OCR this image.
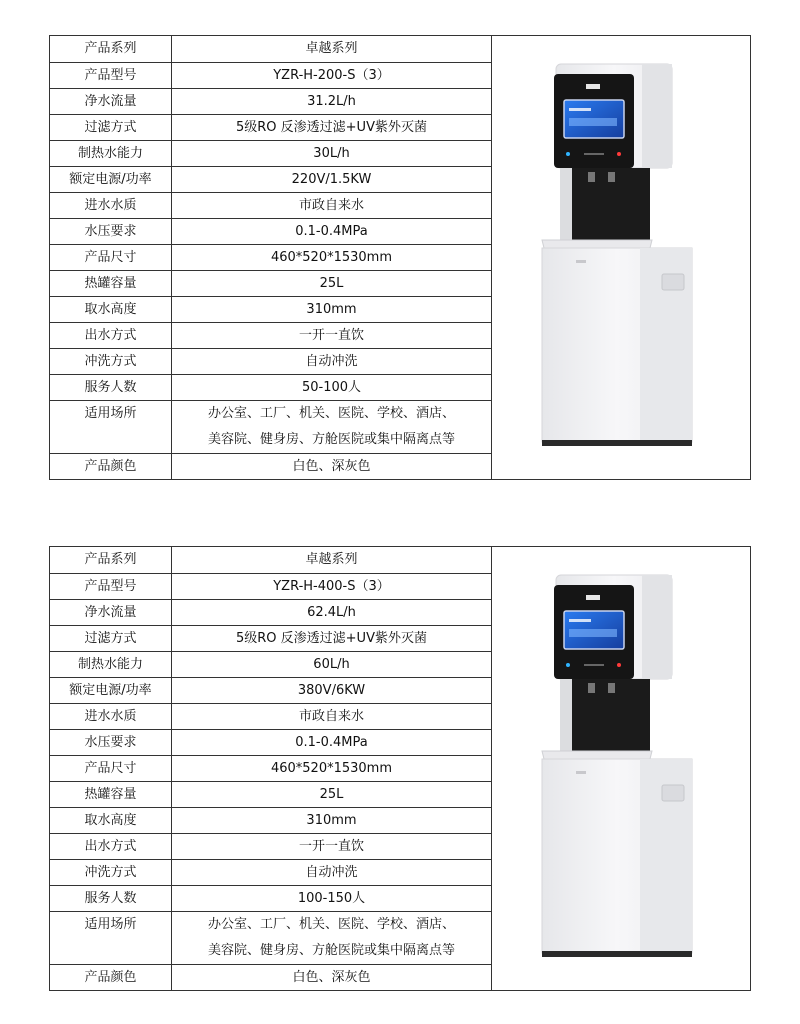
产品系列	卓越系列
产品型号	YZR-H-200-S（3）
净水流量	31.2L/h
过滤方式	5级RO 反渗透过滤+UV紫外灭菌
制热水能力	30L/h
额定电源/功率	220V/1.5KW
进水水质	市政自来水
水压要求	0.1-0.4MPa
产品尺寸	460*520*1530mm
热罐容量	25L
取水高度	310mm
出水方式	一开一直饮
冲洗方式	自动冲洗
服务人数	50-100人
适用场所	办公室、工厂、机关、医院、学校、酒店、
美容院、健身房、方舱医院或集中隔离点等

产品颜色	白色、深灰色
产品系列	卓越系列
产品型号	YZR-H-400-S（3）
净水流量	62.4L/h
过滤方式	5级RO 反渗透过滤+UV紫外灭菌
制热水能力	60L/h
额定电源/功率	380V/6KW
进水水质	市政自来水
水压要求	0.1-0.4MPa
产品尺寸	460*520*1530mm
热罐容量	25L
取水高度	310mm
出水方式	一开一直饮
冲洗方式	自动冲洗
服务人数	100-150人
适用场所	办公室、工厂、机关、医院、学校、酒店、
美容院、健身房、方舱医院或集中隔离点等

产品颜色	白色、深灰色
